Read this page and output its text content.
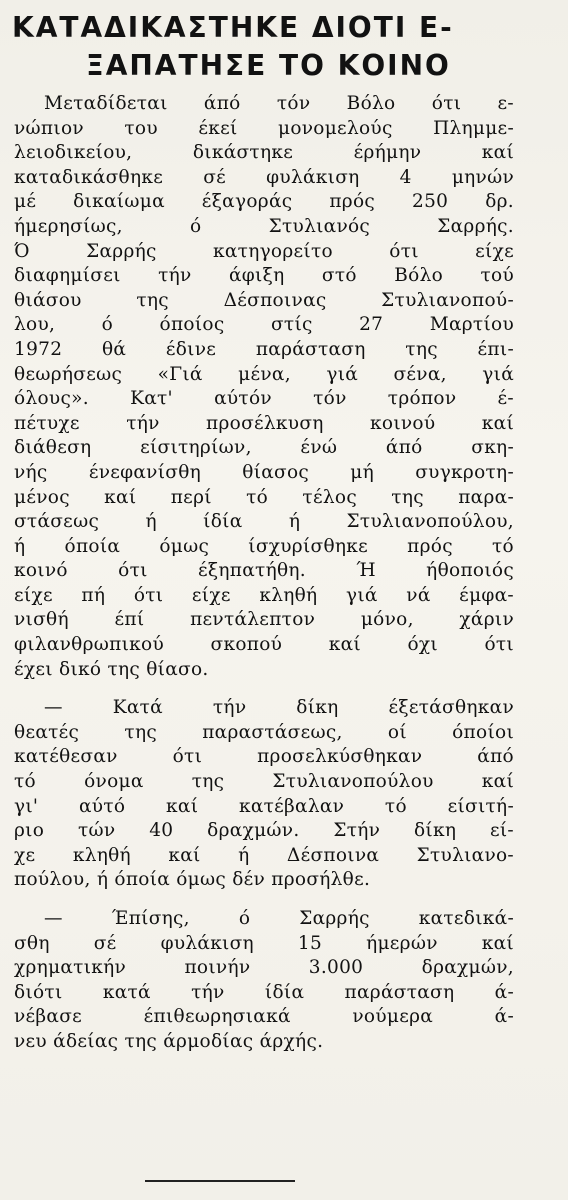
ΚΑΤΑΔΙΚΑΣΤΗΚΕ ΔΙΟΤΙ Ε-
ΞΑΠΑΤΗΣΕ ΤΟ ΚΟΙΝΟ
Μεταδίδεται άπό τόν Βόλο ότι ε-
νώπιον του έκεί μονομελούς Πλημμε-
λειοδικείου, δικάστηκε έρήμην καί
καταδικάσθηκε σέ φυλάκιση 4 μηνών
μέ δικαίωμα έξαγοράς πρός 250 δρ.
ήμερησίως, ό Στυλιανός Σαρρής.
Ό Σαρρής κατηγορείτο ότι είχε
διαφημίσει τήν άφιξη στό Βόλο τού
θιάσου της Δέσποινας Στυλιανοπού-
λου, ό όποίος στίς 27 Μαρτίου
1972 θά έδινε παράσταση της έπι-
θεωρήσεως «Γιά μένα, γιά σένα, γιά
όλους». Κατ' αύτόν τόν τρόπον έ-
πέτυχε τήν προσέλκυση κοινού καί
διάθεση είσιτηρίων, ένώ άπό σκη-
νής ένεφανίσθη θίασος μή συγκροτη-
μένος καί περί τό τέλος της παρα-
στάσεως ή ίδία ή Στυλιανοπούλου,
ή όποία όμως ίσχυρίσθηκε πρός τό
κοινό ότι έξηπατήθη. Ή ήθοποιός
είχε πή ότι είχε κληθή γιά νά έμφα-
νισθή έπί πεντάλεπτον μόνο, χάριν
φιλανθρωπικού σκοπού καί όχι ότι
έχει δικό της θίασο.
— Κατά τήν δίκη έξετάσθηκαν
θεατές της παραστάσεως, οί όποίοι
κατέθεσαν ότι προσελκύσθηκαν άπό
τό όνομα της Στυλιανοπούλου καί
γι' αύτό καί κατέβαλαν τό είσιτή-
ριο τών 40 δραχμών. Στήν δίκη εί-
χε κληθή καί ή Δέσποινα Στυλιανο-
πούλου, ή όποία όμως δέν προσήλθε.
— Έπίσης, ό Σαρρής κατεδικά-
σθη σέ φυλάκιση 15 ήμερών καί
χρηματικήν ποινήν 3.000 δραχμών,
διότι κατά τήν ίδία παράσταση ά-
νέβασε έπιθεωρησιακά νούμερα ά-
νευ άδείας της άρμοδίας άρχής.
